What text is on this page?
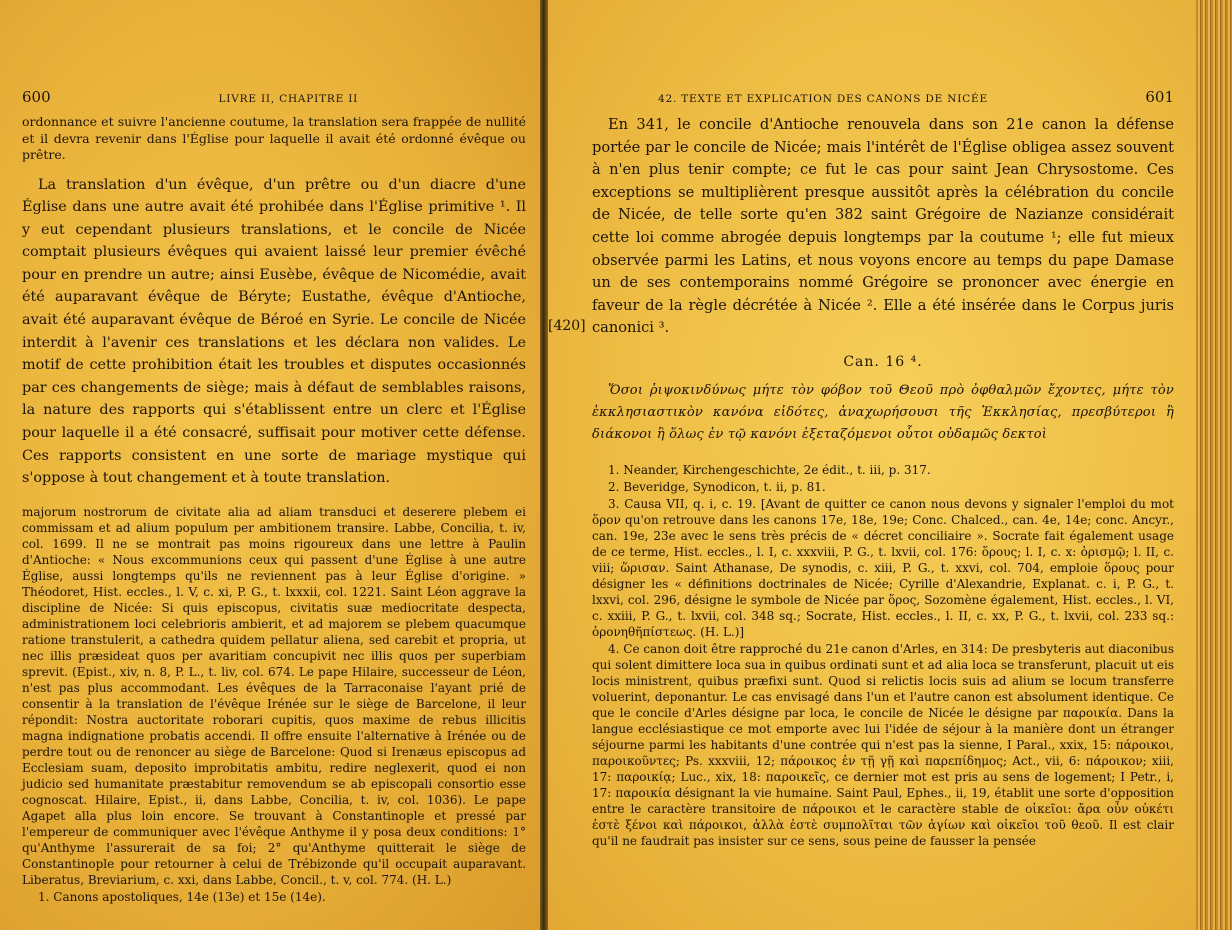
600	LIVRE II, CHAPITRE II

ordonnance et suivre l'ancienne coutume, la translation sera frappée de nullité et il devra revenir dans l'Église pour laquelle il avait été ordonné évêque ou prêtre.

La translation d'un évêque, d'un prêtre ou d'un diacre d'une Église dans une autre avait été prohibée dans l'Église primitive ¹. Il y eut cependant plusieurs translations, et le concile de Nicée comptait plusieurs évêques qui avaient laissé leur premier évêché pour en prendre un autre; ainsi Eusèbe, évêque de Nicomédie, avait été auparavant évêque de Béryte; Eustathe, évêque d'Antioche, avait été auparavant évêque de Béroé en Syrie. Le concile de Nicée interdit à l'avenir ces translations et les déclara non valides. Le motif de cette prohibition était les troubles et disputes occasionnés par ces changements de siège; mais à défaut de semblables raisons, la nature des rapports qui s'établissent entre un clerc et l'Église pour laquelle il a été consacré, suffisait pour motiver cette défense. Ces rapports consistent en une sorte de mariage mystique qui s'oppose à tout changement et à toute translation.

majorum nostrorum de civitate alia ad aliam transduci et deserere plebem ei commissam et ad alium populum per ambitionem transire. Labbe, Concilia, t. iv, col. 1699. Il ne se montrait pas moins rigoureux dans une lettre à Paulin d'Antioche: « Nous excommunions ceux qui passent d'une Église à une autre Église, aussi longtemps qu'ils ne reviennent pas à leur Église d'origine. » Théodoret, Hist. eccles., l. V, c. xi, P. G., t. lxxxii, col. 1221. Saint Léon aggrave la discipline de Nicée: Si quis episcopus, civitatis suæ mediocritate despecta, administrationem loci celebrioris ambierit, et ad majorem se plebem quacumque ratione transtulerit, a cathedra quidem pellatur aliena, sed carebit et propria, ut nec illis præsideat quos per avaritiam concupivit nec illis quos per superbiam sprevit. (Epist., xiv, n. 8, P. L., t. liv, col. 674. Le pape Hilaire, successeur de Léon, n'est pas plus accommodant. Les évêques de la Tarraconaise l'ayant prié de consentir à la translation de l'évêque Irénée sur le siège de Barcelone, il leur répondit: Nostra auctoritate roborari cupitis, quos maxime de rebus illicitis magna indignatione probatis accendi. Il offre ensuite l'alternative à Irénée ou de perdre tout ou de renoncer au siège de Barcelone: Quod si Irenæus episcopus ad Ecclesiam suam, deposito improbitatis ambitu, redire neglexerit, quod ei non judicio sed humanitate præstabitur removendum se ab episcopali consortio esse cognoscat. Hilaire, Epist., ii, dans Labbe, Concilia, t. iv, col. 1036). Le pape Agapet alla plus loin encore. Se trouvant à Constantinople et pressé par l'empereur de communiquer avec l'évêque Anthyme il y posa deux conditions: 1° qu'Anthyme l'assurerait de sa foi; 2° qu'Anthyme quitterait le siège de Constantinople pour retourner à celui de Trébizonde qu'il occupait auparavant. Liberatus, Breviarium, c. xxi, dans Labbe, Concil., t. v, col. 774. (H. L.)

1. Canons apostoliques, 14e (13e) et 15e (14e).

42. TEXTE ET EXPLICATION DES CANONS DE NICÉE	601

En 341, le concile d'Antioche renouvela dans son 21e canon la défense portée par le concile de Nicée; mais l'intérêt de l'Église obligea assez souvent à n'en plus tenir compte; ce fut le cas pour saint Jean Chrysostome. Ces exceptions se multiplièrent presque aussitôt après la célébration du concile de Nicée, de telle sorte qu'en 382 saint Grégoire de Nazianze considérait cette loi comme abrogée depuis longtemps par la coutume ¹; elle fut mieux observée parmi les Latins, et nous voyons encore au temps du pape Damase un de ses contemporains nommé Grégoire se prononcer avec énergie en faveur de la règle décrétée à Nicée ². Elle a été insérée dans le Corpus juris canonici ³.

[420]
Can. 16 ⁴.

Ὅσοι ῥιψοκινδύνως μήτε τὸν φόβον τοῦ Θεοῦ πρὸ ὀφθαλμῶν ἔχοντες, μήτε τὸν ἐκκλησιαστικὸν κανόνα εἰδότες, ἀναχωρήσουσι τῆς Ἐκκλησίας, πρεσβύτεροι ἢ διάκονοι ἢ ὅλως ἐν τῷ κανόνι ἐξεταζόμενοι οὗτοι οὐδαμῶς δεκτοὶ

1. Neander, Kirchengeschichte, 2e édit., t. iii, p. 317.

2. Beveridge, Synodicon, t. ii, p. 81.

3. Causa VII, q. i, c. 19. [Avant de quitter ce canon nous devons y signaler l'emploi du mot ὅρον qu'on retrouve dans les canons 17e, 18e, 19e; Conc. Chalced., can. 4e, 14e; conc. Ancyr., can. 19e, 23e avec le sens très précis de « décret conciliaire ». Socrate fait également usage de ce terme, Hist. eccles., l. I, c. xxxviii, P. G., t. lxvii, col. 176: ὅρους; l. I, c. x: ὁρισμῷ; l. II, c. viii; ὥρισαν. Saint Athanase, De synodis, c. xiii, P. G., t. xxvi, col. 704, emploie ὅρους pour désigner les « définitions doctrinales de Nicée; Cyrille d'Alexandrie, Explanat. c. i, P. G., t. lxxvi, col. 296, désigne le symbole de Nicée par ὅρος, Sozomène également, Hist. eccles., l. VI, c. xxiii, P. G., t. lxvii, col. 348 sq.; Socrate, Hist. eccles., l. II, c. xx, P. G., t. lxvii, col. 233 sq.: ὁρονηθῆπίστεως. (H. L.)]

4. Ce canon doit être rapproché du 21e canon d'Arles, en 314: De presbyteris aut diaconibus qui solent dimittere loca sua in quibus ordinati sunt et ad alia loca se transferunt, placuit ut eis locis ministrent, quibus præfixi sunt. Quod si relictis locis suis ad alium se locum transferre voluerint, deponantur. Le cas envisagé dans l'un et l'autre canon est absolument identique. Ce que le concile d'Arles désigne par loca, le concile de Nicée le désigne par παροικία. Dans la langue ecclésiastique ce mot emporte avec lui l'idée de séjour à la manière dont un étranger séjourne parmi les habitants d'une contrée qui n'est pas la sienne, I Paral., xxix, 15: πάροικοι, παροικοῦντες; Ps. xxxviii, 12; πάροικος ἐν τῇ γῇ καὶ παρεπίδημος; Act., vii, 6: πάροικον; xiii, 17: παροικίᾳ; Luc., xix, 18: παροικεῖς, ce dernier mot est pris au sens de logement; I Petr., i, 17: παροικία désignant la vie humaine. Saint Paul, Ephes., ii, 19, établit une sorte d'opposition entre le caractère transitoire de πάροικοι et le caractère stable de οἰκεῖοι: ἄρα οὖν οὐκέτι ἐστὲ ξένοι καὶ πάροικοι, ἀλλὰ ἐστὲ συμπολῖται τῶν ἁγίων καὶ οἰκεῖοι τοῦ θεοῦ. Il est clair qu'il ne faudrait pas insister sur ce sens, sous peine de fausser la pensée
